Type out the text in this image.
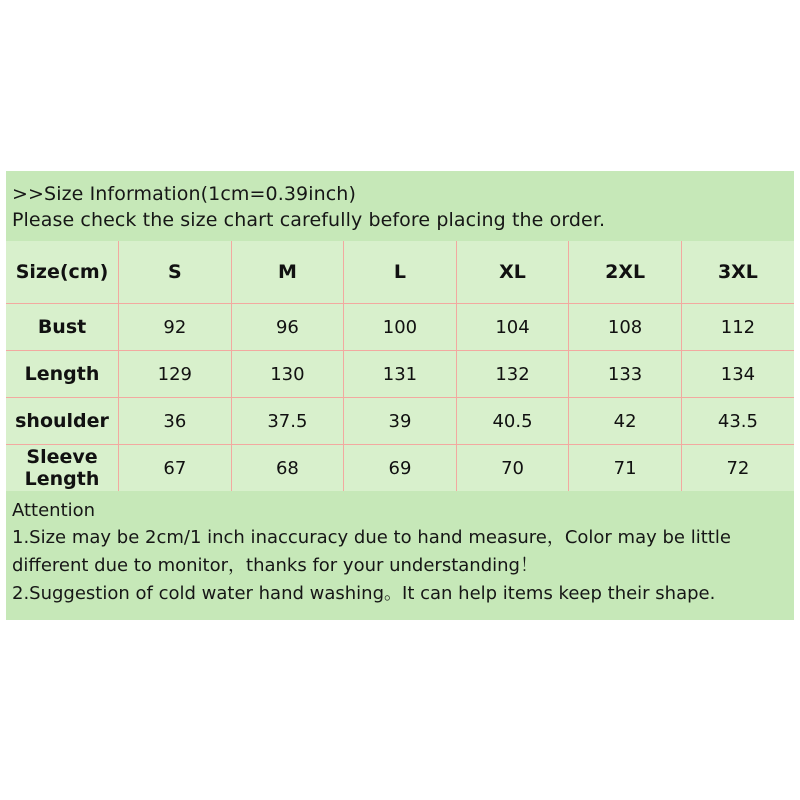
>>Size Information(1cm=0.39inch)
Please check the size chart carefully before placing the order.
Size(cm)	S	M	L	XL	2XL	3XL
Bust	92	96	100	104	108	112
Length	129	130	131	132	133	134
shoulder	36	37.5	39	40.5	42	43.5
Sleeve Length	67	68	69	70	71	72
Attention
1.Size may be 2cm/1 inch inaccuracy due to hand measure，Color may be little
different due to monitor，thanks for your understanding！
2.Suggestion of cold water hand washing。It can help items keep their shape.
